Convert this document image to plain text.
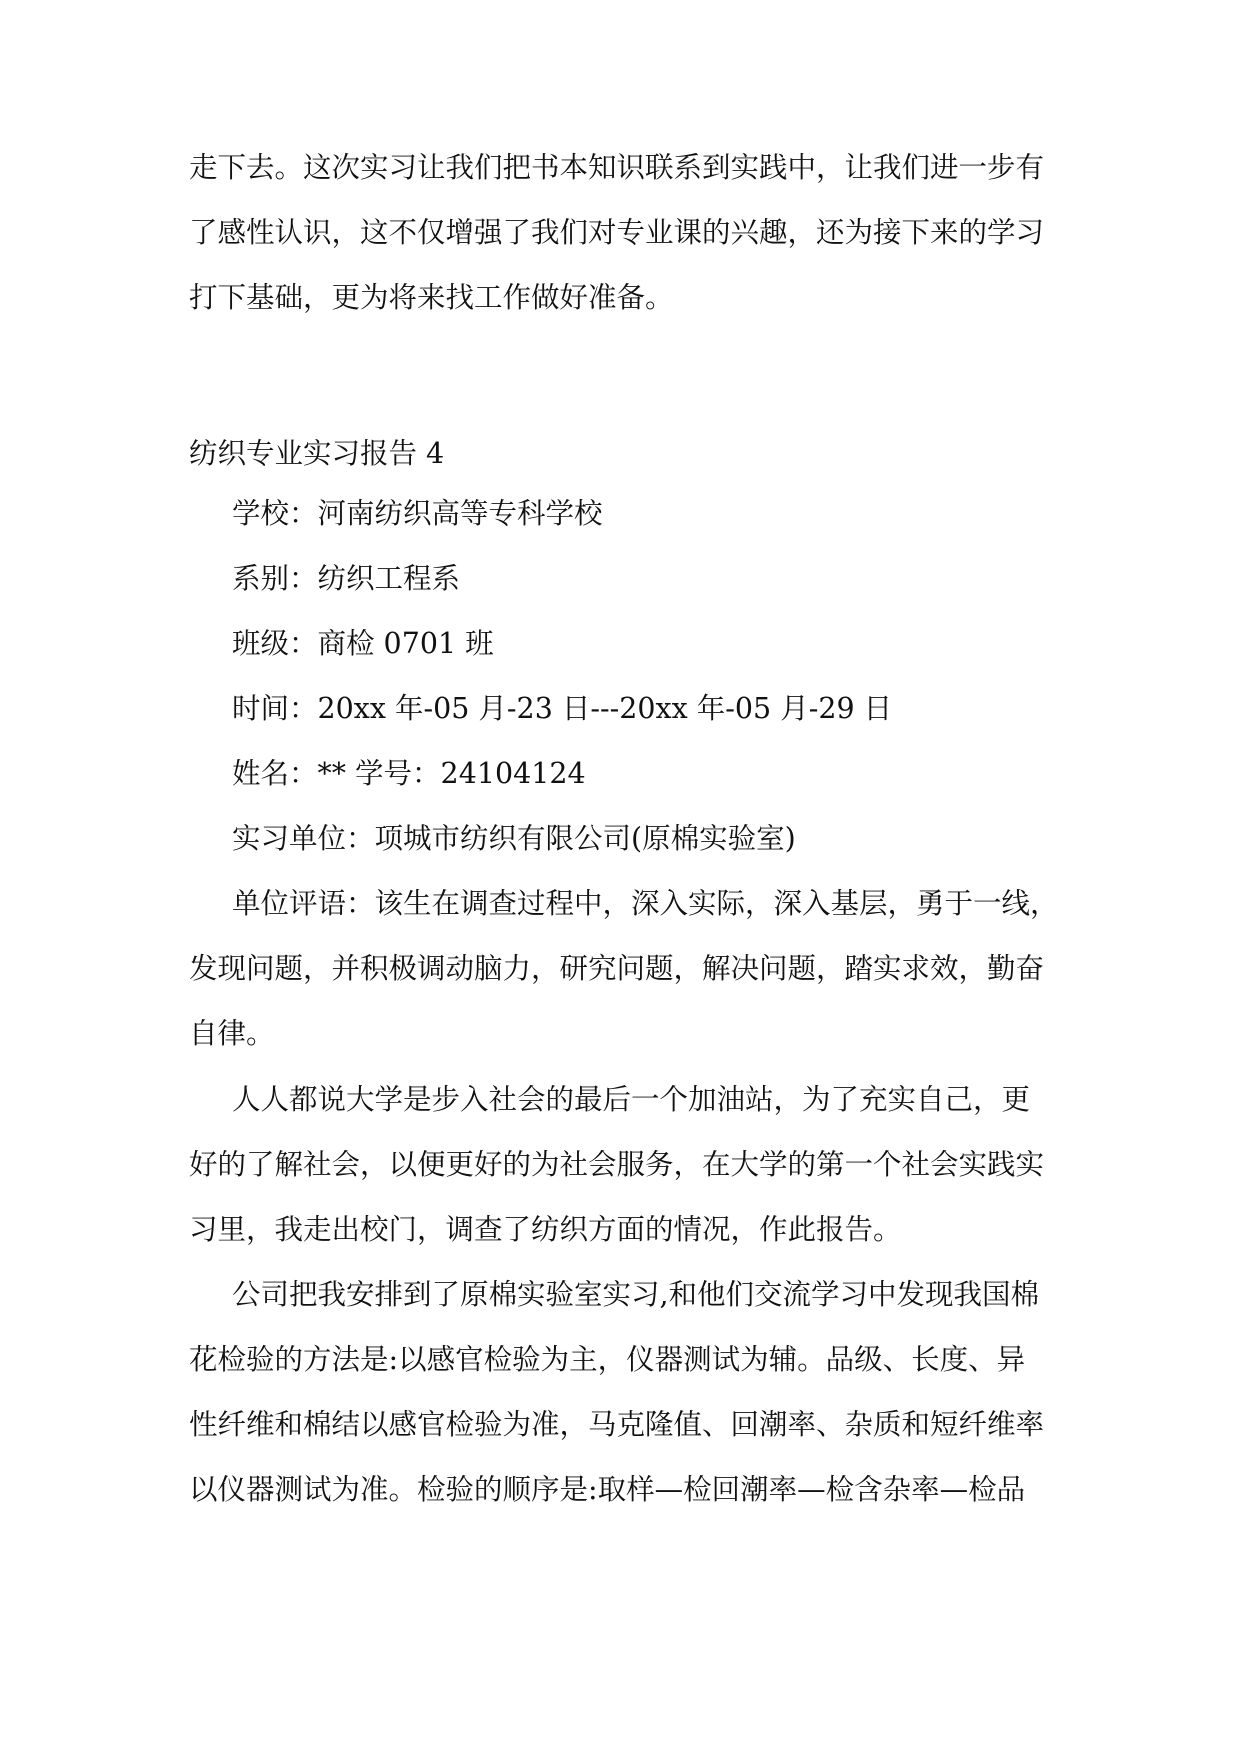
走下去。这次实习让我们把书本知识联系到实践中，让我们进一步有
了感性认识，这不仅增强了我们对专业课的兴趣，还为接下来的学习
打下基础，更为将来找工作做好准备。
纺织专业实习报告 4
学校：河南纺织高等专科学校
系别：纺织工程系
班级：商检 0701 班
时间：20xx 年-05 月-23 日---20xx 年-05 月-29 日
姓名：** 学号：24104124
实习单位：项城市纺织有限公司(原棉实验室)
单位评语：该生在调查过程中，深入实际，深入基层，勇于一线，
发现问题，并积极调动脑力，研究问题，解决问题，踏实求效，勤奋
自律。
人人都说大学是步入社会的最后一个加油站，为了充实自己，更
好的了解社会，以便更好的为社会服务，在大学的第一个社会实践实
习里，我走出校门，调查了纺织方面的情况，作此报告。
公司把我安排到了原棉实验室实习,和他们交流学习中发现我国棉
花检验的方法是:以感官检验为主，仪器测试为辅。品级、长度、异
性纤维和棉结以感官检验为准，马克隆值、回潮率、杂质和短纤维率
以仪器测试为准。检验的顺序是:取样—检回潮率—检含杂率—检品
